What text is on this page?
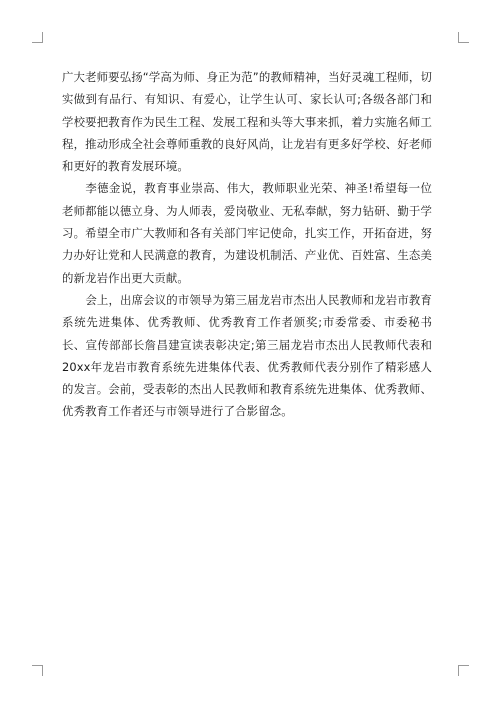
广大老师要弘扬“学高为师、身正为范”的教师精神，当好灵魂工程师，切实做到有品行、有知识、有爱心，让学生认可、家长认可;各级各部门和学校要把教育作为民生工程、发展工程和头等大事来抓，着力实施名师工程，推动形成全社会尊师重教的良好风尚，让龙岩有更多好学校、好老师和更好的教育发展环境。

李德金说，教育事业崇高、伟大，教师职业光荣、神圣!希望每一位老师都能以德立身、为人师表，爱岗敬业、无私奉献，努力钻研、勤于学习。希望全市广大教师和各有关部门牢记使命，扎实工作，开拓奋进，努力办好让党和人民满意的教育，为建设机制活、产业优、百姓富、生态美的新龙岩作出更大贡献。

会上，出席会议的市领导为第三届龙岩市杰出人民教师和龙岩市教育系统先进集体、优秀教师、优秀教育工作者颁奖;市委常委、市委秘书长、宣传部部长詹昌建宣读表彰决定;第三届龙岩市杰出人民教师代表和20xx年龙岩市教育系统先进集体代表、优秀教师代表分别作了精彩感人的发言。会前，受表彰的杰出人民教师和教育系统先进集体、优秀教师、优秀教育工作者还与市领导进行了合影留念。
